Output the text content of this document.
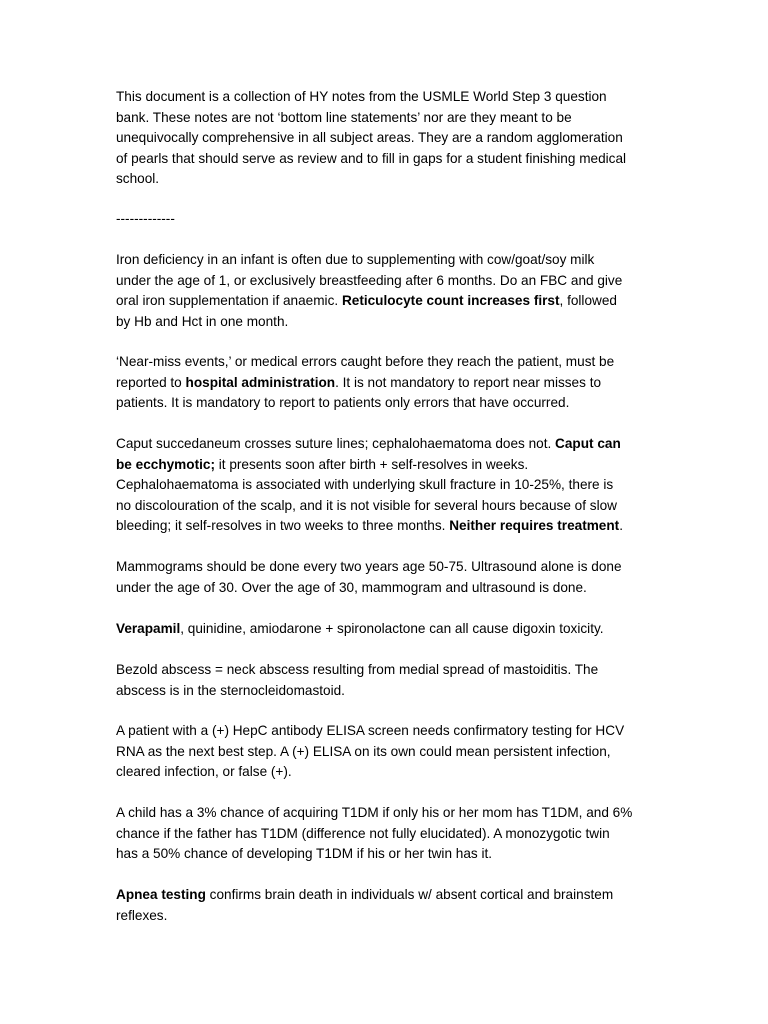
This document is a collection of HY notes from the USMLE World Step 3 question
bank. These notes are not ‘bottom line statements’ nor are they meant to be
unequivocally comprehensive in all subject areas. They are a random agglomeration
of pearls that should serve as review and to fill in gaps for a student finishing medical
school.
-------------
Iron deficiency in an infant is often due to supplementing with cow/goat/soy milk
under the age of 1, or exclusively breastfeeding after 6 months. Do an FBC and give
oral iron supplementation if anaemic. Reticulocyte count increases first, followed
by Hb and Hct in one month.
‘Near-miss events,’ or medical errors caught before they reach the patient, must be
reported to hospital administration. It is not mandatory to report near misses to
patients. It is mandatory to report to patients only errors that have occurred.
Caput succedaneum crosses suture lines; cephalohaematoma does not. Caput can
be ecchymotic; it presents soon after birth + self-resolves in weeks.
Cephalohaematoma is associated with underlying skull fracture in 10-25%, there is
no discolouration of the scalp, and it is not visible for several hours because of slow
bleeding; it self-resolves in two weeks to three months. Neither requires treatment.
Mammograms should be done every two years age 50-75. Ultrasound alone is done
under the age of 30. Over the age of 30, mammogram and ultrasound is done.
Verapamil, quinidine, amiodarone + spironolactone can all cause digoxin toxicity.
Bezold abscess = neck abscess resulting from medial spread of mastoiditis. The
abscess is in the sternocleidomastoid.
A patient with a (+) HepC antibody ELISA screen needs confirmatory testing for HCV
RNA as the next best step. A (+) ELISA on its own could mean persistent infection,
cleared infection, or false (+).
A child has a 3% chance of acquiring T1DM if only his or her mom has T1DM, and 6%
chance if the father has T1DM (difference not fully elucidated). A monozygotic twin
has a 50% chance of developing T1DM if his or her twin has it.
Apnea testing confirms brain death in individuals w/ absent cortical and brainstem
reflexes.
